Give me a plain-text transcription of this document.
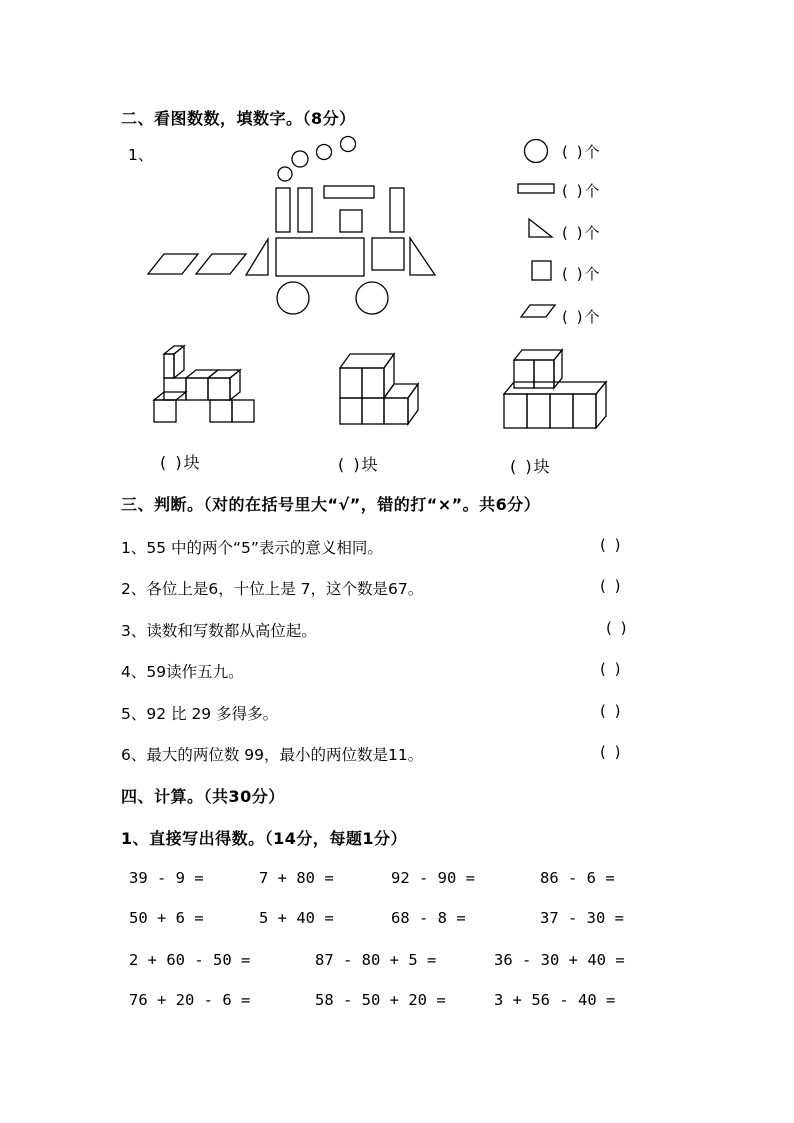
二、看图数数，填数字。（8分）
1、	( )个
( )个
( )个
( )个
( )个
( )块	( )块	( )块
三、判断。（对的在括号里大“√”，错的打“×”。共6分）
1、55 中的两个“5”表示的意义相同。	( )
2、各位上是6，十位上是 7，这个数是67。	( )
3、读数和写数都从高位起。	( )
4、59读作五九。	( )
5、92 比 29 多得多。	( )
6、最大的两位数 99，最小的两位数是11。	( )
四、计算。（共30分）
1、直接写出得数。（14分，每题1分）
39 - 9 =	7 + 80 =	92 - 90 =	86 - 6 =
50 + 6 =	5 + 40 =	68 - 8 =	37 - 30 =
2 + 60 - 50 =	87 - 80 + 5 =	36 - 30 + 40 =
76 + 20 - 6 =	58 - 50 + 20 =	3 + 56 - 40 =
